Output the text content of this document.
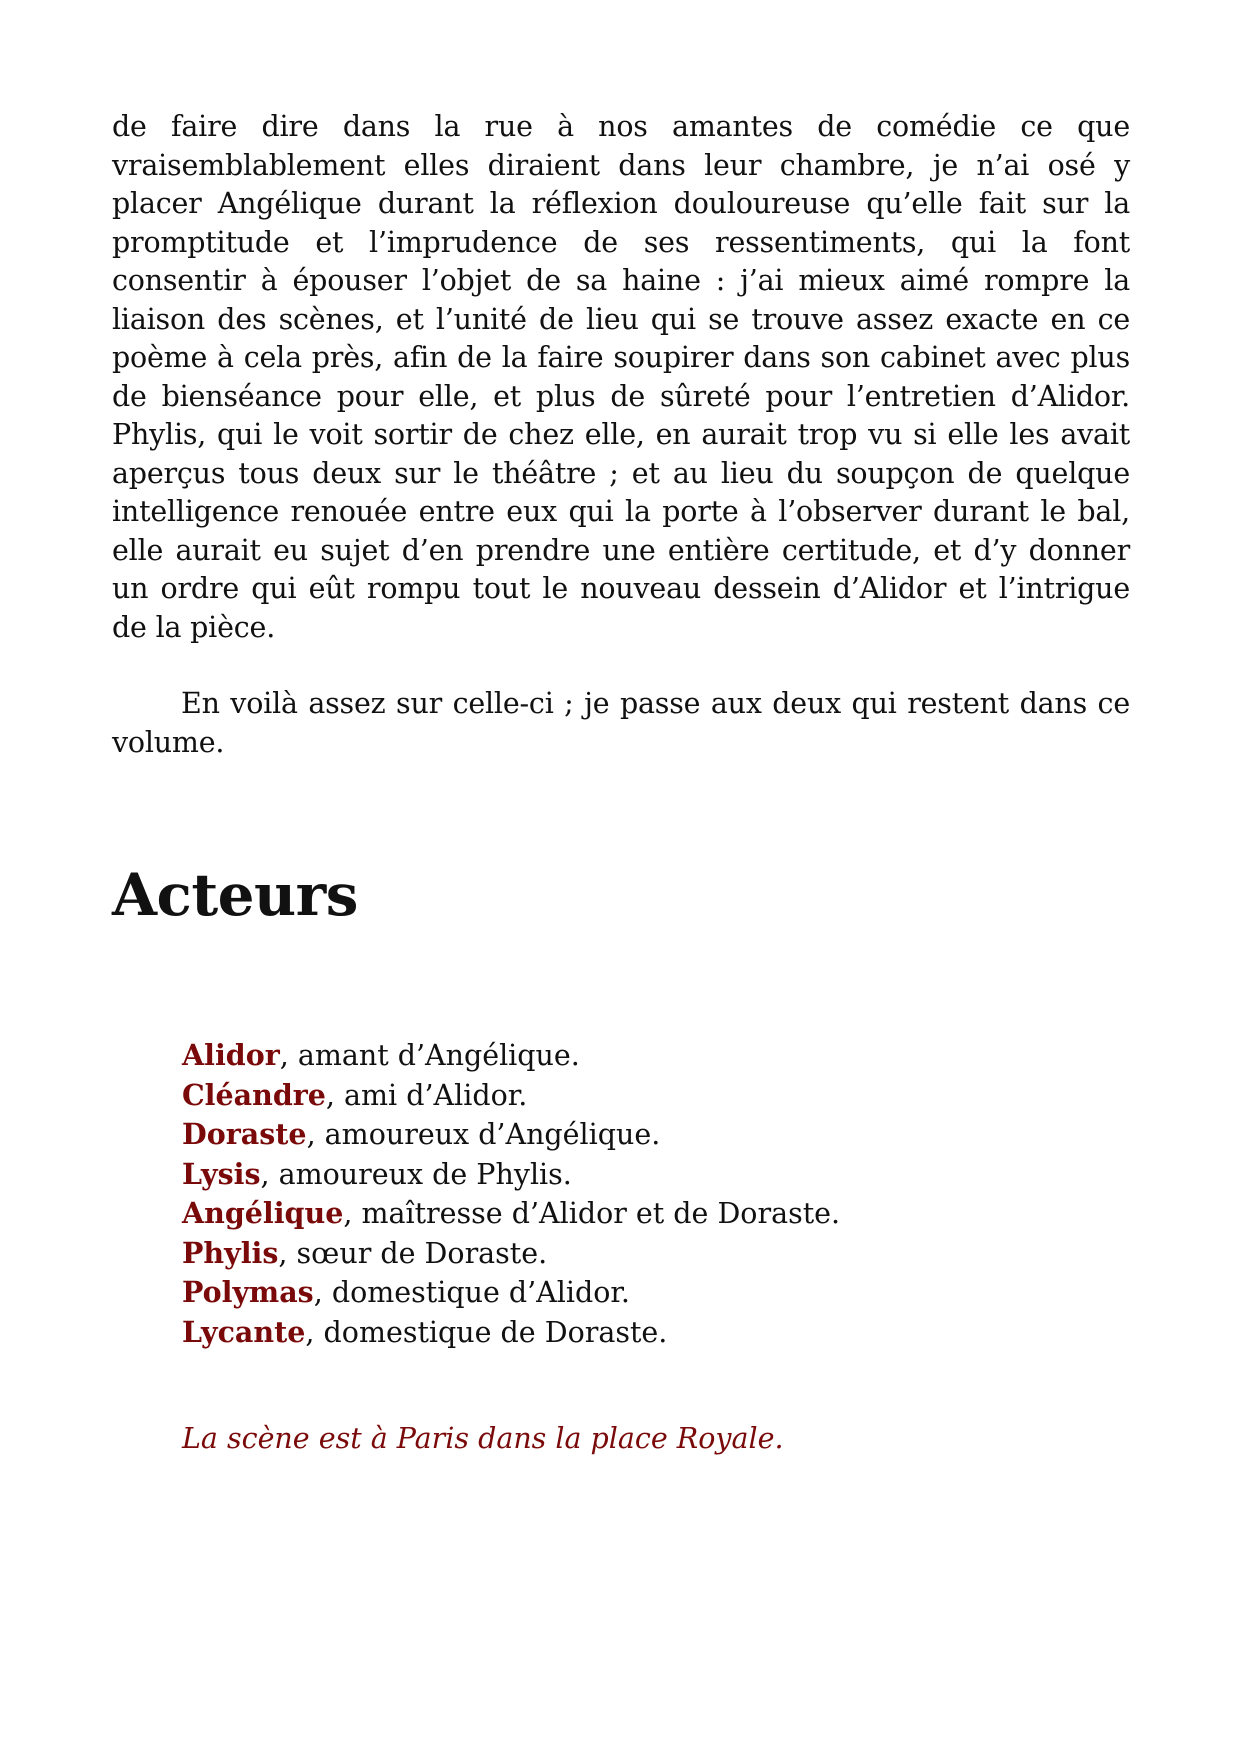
de faire dire dans la rue à nos amantes de comédie ce que vraisemblablement elles diraient dans leur chambre, je n’ai osé y placer Angélique durant la réflexion douloureuse qu’elle fait sur la promptitude et l’imprudence de ses ressentiments, qui la font consentir à épouser l’objet de sa haine : j’ai mieux aimé rompre la liaison des scènes, et l’unité de lieu qui se trouve assez exacte en ce poème à cela près, afin de la faire soupirer dans son cabinet avec plus de bienséance pour elle, et plus de sûreté pour l’entretien d’Alidor. Phylis, qui le voit sortir de chez elle, en aurait trop vu si elle les avait aperçus tous deux sur le théâtre ; et au lieu du soupçon de quelque intelligence renouée entre eux qui la porte à l’observer durant le bal, elle aurait eu sujet d’en prendre une entière certitude, et d’y donner un ordre qui eût rompu tout le nouveau dessein d’Alidor et l’intrigue de la pièce.

En voilà assez sur celle-ci ; je passe aux deux qui restent dans ce volume.

Acteurs
Alidor, amant d’Angélique.
Cléandre, ami d’Alidor.
Doraste, amoureux d’Angélique.
Lysis, amoureux de Phylis.
Angélique, maîtresse d’Alidor et de Doraste.
Phylis, sœur de Doraste.
Polymas, domestique d’Alidor.
Lycante, domestique de Doraste.

La scène est à Paris dans la place Royale.
